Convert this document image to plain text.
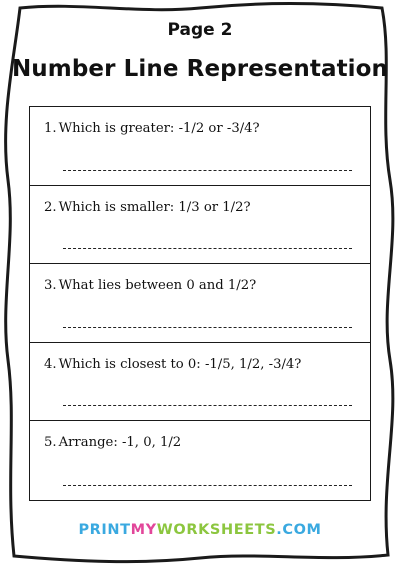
Page 2
Number Line Representation
1. Which is greater: -1/2 or -3/4?
2. Which is smaller: 1/3 or 1/2?
3. What lies between 0 and 1/2?
4. Which is closest to 0: -1/5, 1/2, -3/4?
5. Arrange: -1, 0, 1/2
PRINTMYWORKSHEETS.COM
